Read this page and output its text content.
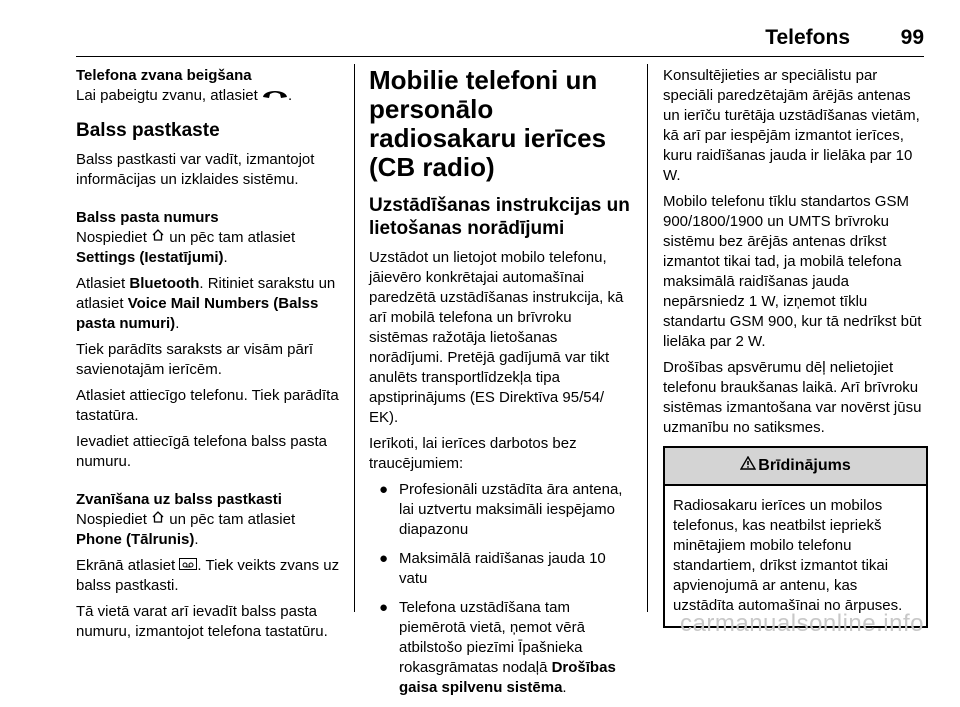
Telefons 99

Telefona zvana beigšana

Lai pabeigtu zvanu, atlasiet .

Balss pastkaste

Balss pastkasti var vadīt, izmantojot informācijas un izklaides sistēmu.

Balss pasta numurs

Nospiediet un pēc tam atlasiet Settings (Iestatījumi).

Atlasiet Bluetooth. Ritiniet sarakstu un atlasiet Voice Mail Numbers (Balss pasta numuri).

Tiek parādīts saraksts ar visām pārī savienotajām ierīcēm.

Atlasiet attiecīgo telefonu. Tiek parādīta tastatūra.

Ievadiet attiecīgā telefona balss pasta numuru.

Zvanīšana uz balss pastkasti

Nospiediet un pēc tam atlasiet Phone (Tālrunis).

Ekrānā atlasiet . Tiek veikts zvans uz balss pastkasti.

Tā vietā varat arī ievadīt balss pasta numuru, izmantojot telefona tastatūru.

Mobilie telefoni un personālo radiosakaru ierīces (CB radio)

Uzstādīšanas instrukcijas un lietošanas norādījumi

Uzstādot un lietojot mobilo telefonu, jāievēro konkrētajai automašīnai paredzētā uzstādīšanas instrukcija, kā arī mobilā telefona un brīvroku sistēmas ražotāja lietošanas norādījumi. Pretējā gadījumā var tikt anulēts transportlīdzekļa tipa apstiprinājums (ES Direktīva 95/54/ EK).

Ierīkoti, lai ierīces darbotos bez traucējumiem:

● Profesionāli uzstādīta āra antena, lai uztvertu maksimāli iespējamo diapazonu
● Maksimālā raidīšanas jauda 10 vatu
● Telefona uzstādīšana tam piemērotā vietā, ņemot vērā atbilstošo piezīmi Īpašnieka rokasgrāmatas nodaļā Drošības gaisa spilvenu sistēma.

Konsultējieties ar speciālistu par speciāli paredzētajām ārējās antenas un ierīču turētāja uzstādīšanas vietām, kā arī par iespējām izmantot ierīces, kuru raidīšanas jauda ir lielāka par 10 W.

Mobilo telefonu tīklu standartos GSM 900/1800/1900 un UMTS brīvroku sistēmu bez ārējās antenas drīkst izmantot tikai tad, ja mobilā telefona maksimālā raidīšanas jauda nepārsniedz 1 W, izņemot tīklu standartu GSM 900, kur tā nedrīkst būt lielāka par 2 W.

Drošības apsvērumu dēļ nelietojiet telefonu braukšanas laikā. Arī brīvroku sistēmas izmantošana var novērst jūsu uzmanību no satiksmes.

Brīdinājums
Radiosakaru ierīces un mobilos telefonus, kas neatbilst iepriekš minētajiem mobilo telefonu standartiem, drīkst izmantot tikai apvienojumā ar antenu, kas uzstādīta automašīnai no ārpuses.
carmanualsonline.info
